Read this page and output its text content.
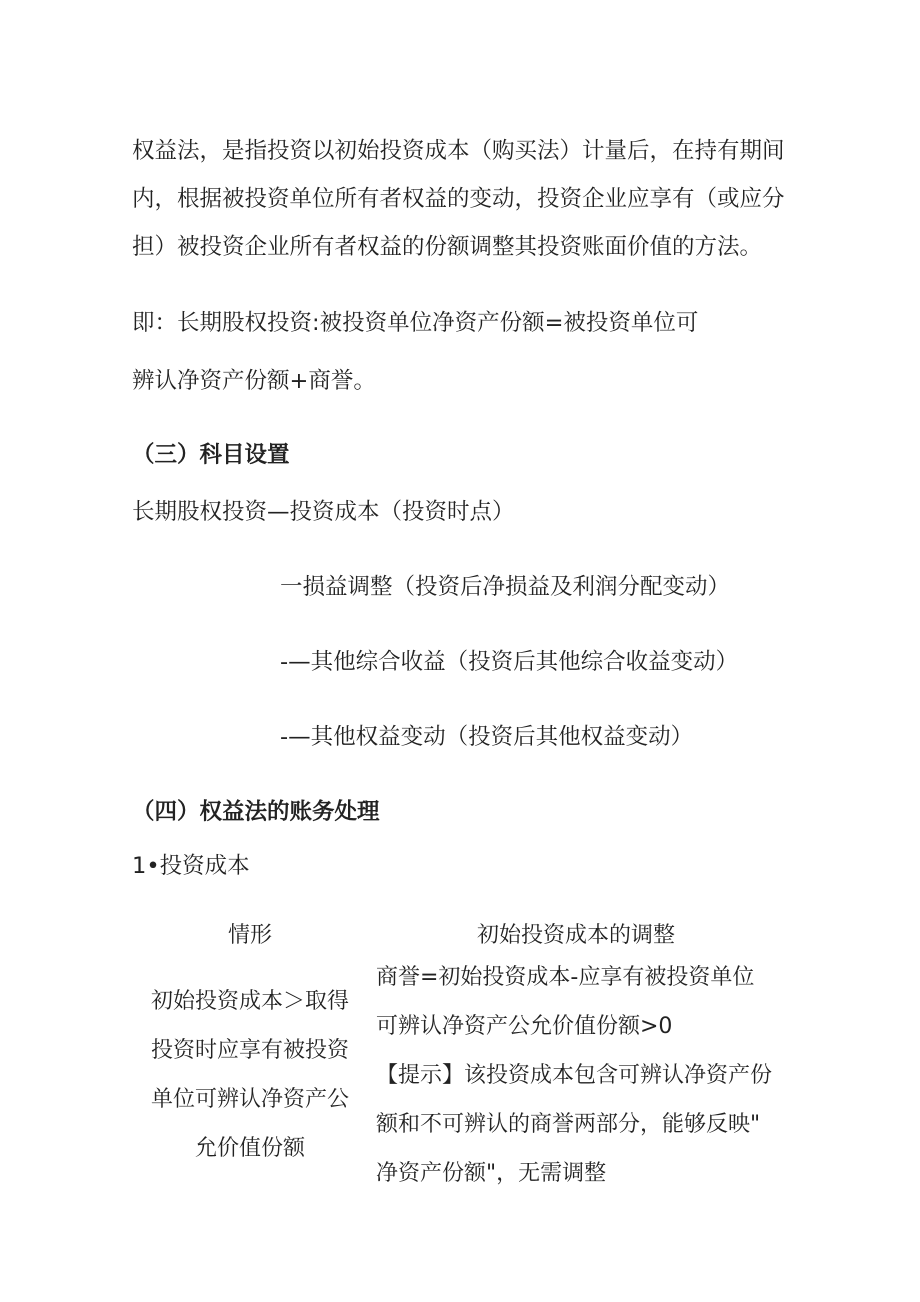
权益法，是指投资以初始投资成本（购买法）计量后，在持有期间
内，根据被投资单位所有者权益的变动，投资企业应享有（或应分
担）被投资企业所有者权益的份额调整其投资账面价值的方法。
即：长期股权投资:被投资单位净资产份额=被投资单位可
辨认净资产份额+商誉。
（三）科目设置
长期股权投资—投资成本（投资时点）
一损益调整（投资后净损益及利润分配变动）
-—其他综合收益（投资后其他综合收益变动）
-—其他权益变动（投资后其他权益变动）
（四）权益法的账务处理
1•投资成本
情形	初始投资成本的调整
初始投资成本＞取得
投资时应享有被投资
单位可辨认净资产公
允价值份额
商誉=初始投资成本-应享有被投资单位
可辨认净资产公允价值份额>0
【提示】该投资成本包含可辨认净资产份
额和不可辨认的商誉两部分，能够反映"
净资产份额"，无需调整
